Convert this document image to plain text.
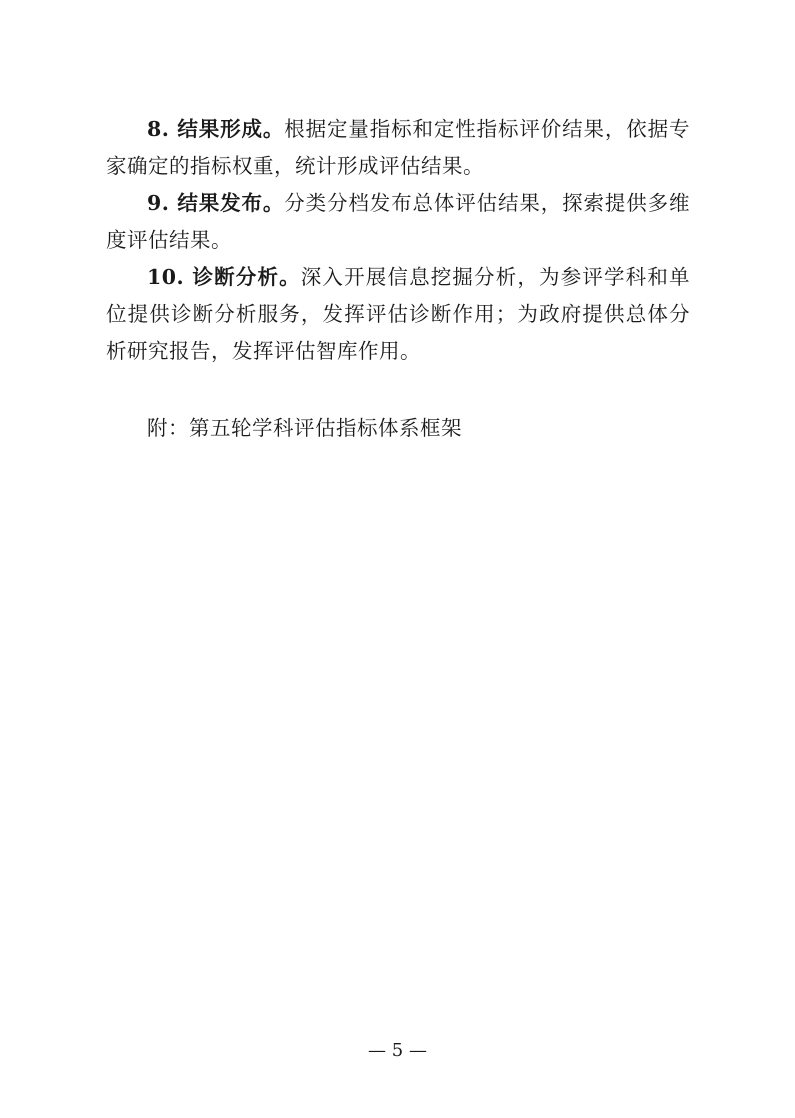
8. 结果形成。根据定量指标和定性指标评价结果，依据专家确定的指标权重，统计形成评估结果。

9. 结果发布。分类分档发布总体评估结果，探索提供多维度评估结果。

10. 诊断分析。深入开展信息挖掘分析，为参评学科和单位提供诊断分析服务，发挥评估诊断作用；为政府提供总体分析研究报告，发挥评估智库作用。

附：第五轮学科评估指标体系框架
— 5 —
